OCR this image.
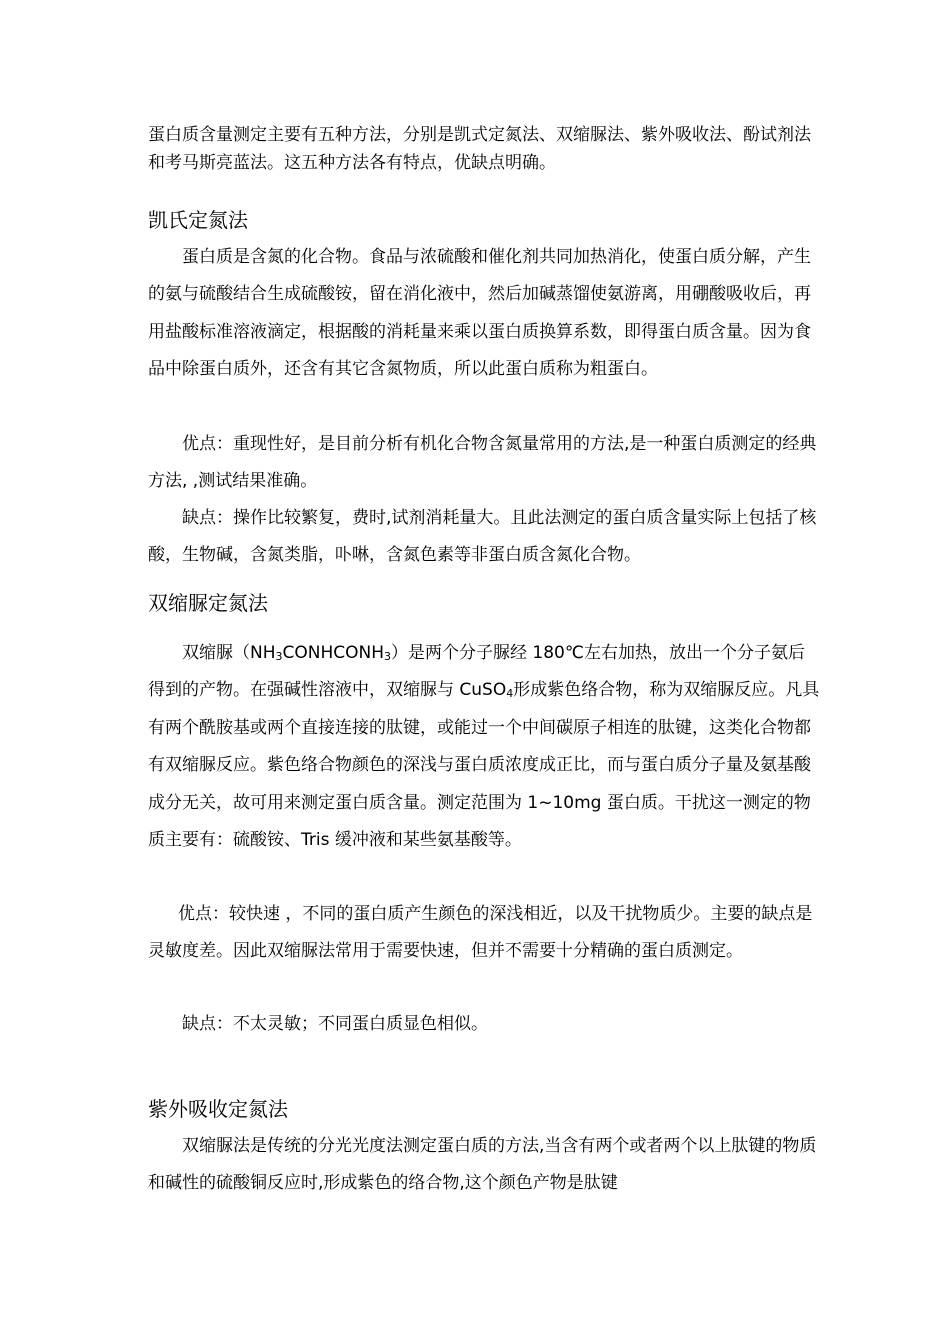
蛋白质含量测定主要有五种方法，分别是凯式定氮法、双缩脲法、紫外吸收法、酚试剂法和考马斯亮蓝法。这五种方法各有特点，优缺点明确。

凯氏定氮法

蛋白质是含氮的化合物。食品与浓硫酸和催化剂共同加热消化，使蛋白质分解，产生的氨与硫酸结合生成硫酸铵，留在消化液中，然后加碱蒸馏使氨游离，用硼酸吸收后，再用盐酸标准溶液滴定，根据酸的消耗量来乘以蛋白质换算系数，即得蛋白质含量。因为食品中除蛋白质外，还含有其它含氮物质，所以此蛋白质称为粗蛋白。

优点：重现性好，是目前分析有机化合物含氮量常用的方法,是一种蛋白质测定的经典方法, ,测试结果准确。

缺点：操作比较繁复，费时,试剂消耗量大。且此法测定的蛋白质含量实际上包括了核酸，生物碱，含氮类脂，卟啉，含氮色素等非蛋白质含氮化合物。

双缩脲定氮法

双缩脲$(NH_3CONHCONH_3)$是两个分子脲经 180℃左右加热，放出一个分子氨后得到的产物。在强碱性溶液中，双缩脲与 CuSO$_4$形成紫色络合物，称为双缩脲反应。凡具有两个酰胺基或两个直接连接的肽键，或能过一个中间碳原子相连的肽键，这类化合物都有双缩脲反应。紫色络合物颜色的深浅与蛋白质浓度成正比，而与蛋白质分子量及氨基酸成分无关，故可用来测定蛋白质含量。测定范围为 1~10mg 蛋白质。干扰这一测定的物质主要有：硫酸铵、Tris 缓冲液和某些氨基酸等。

优点：较快速 ，不同的蛋白质产生颜色的深浅相近，以及干扰物质少。主要的缺点是灵敏度差。因此双缩脲法常用于需要快速，但并不需要十分精确的蛋白质测定。

缺点：不太灵敏；不同蛋白质显色相似。

紫外吸收定氮法

双缩脲法是传统的分光光度法测定蛋白质的方法,当含有两个或者两个以上肽键的物质和碱性的硫酸铜反应时,形成紫色的络合物,这个颜色产物是肽键
